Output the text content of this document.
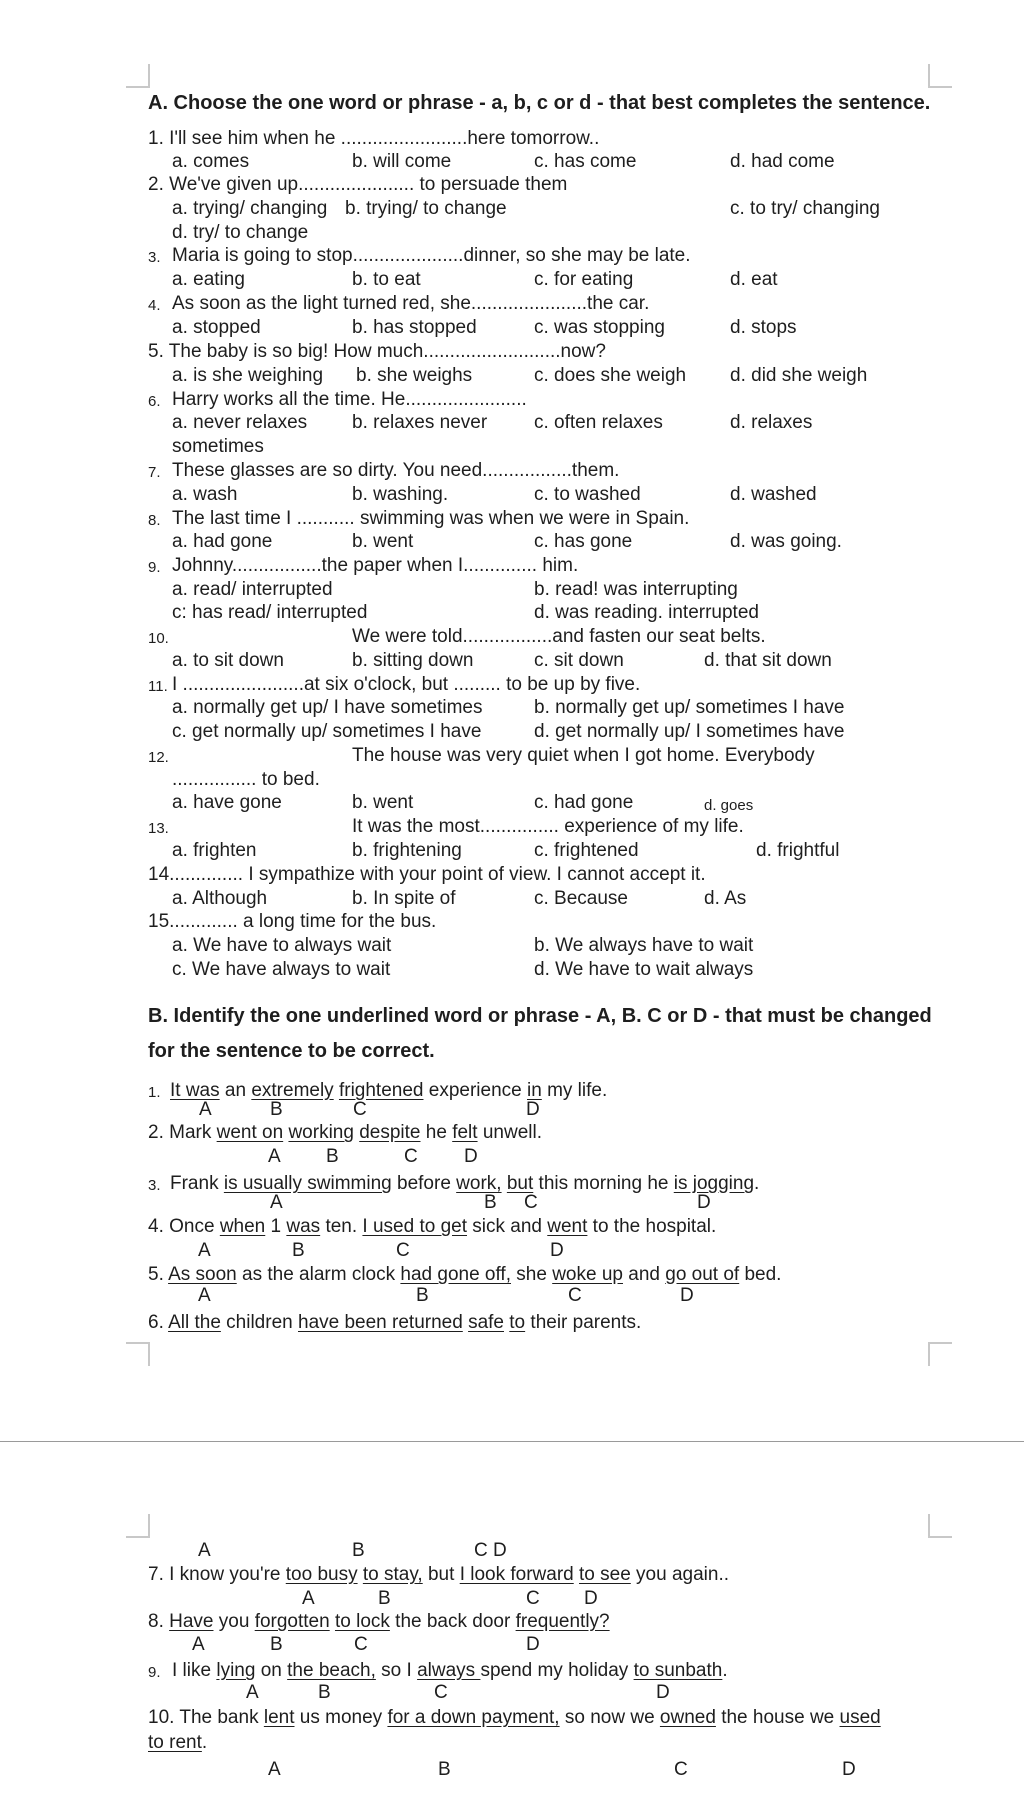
A. Choose the one word or phrase - a, b, c or d - that best completes the sentence.
1. I'll see him when he ........................here tomorrow..
a. comes	b. will come	c. has come	d. had come
2. We've given up...................... to persuade them
a. trying/ changing b. trying/ to change	c. to try/ changing
d. try/ to change
3. Maria is going to stop.....................dinner, so she may be late.
a. eating	b. to eat	c. for eating	d. eat
4. As soon as the light turned red, she......................the car.
a. stopped	b. has stopped	c. was stopping	d. stops
5. The baby is so big! How much..........................now?
a. is she weighing b. she weighs	c. does she weigh d. did she weigh
6. Harry works all the time. He.......................
a. never relaxes b. relaxes never c. often relaxes	d. relaxes
sometimes
7. These glasses are so dirty. You need.................them.
a. wash	b. washing.	c. to washed	d. washed
8. The last time I ........... swimming was when we were in Spain.
a. had gone	b. went	c. has gone	d. was going.
9. Johnny.................the paper when I.............. him.
a. read/ interrupted	b. read! was interrupting
c: has read/ interrupted	d. was reading. interrupted
10.	We were told.................and fasten our seat belts.
a. to sit down	b. sitting down	c. sit down	d. that sit down
11. I .......................at six o'clock, but ......... to be up by five.
a. normally get up/ I have sometimes	b. normally get up/ sometimes I have
c. get normally up/ sometimes I have	d. get normally up/ I sometimes have
12.	The house was very quiet when I got home. Everybody
................ to bed.
a. have gone	b. went	c. had gone	d. goes
13.	It was the most............... experience of my life.
a. frighten	b. frightening	c. frightened	d. frightful
14.............. I sympathize with your point of view. I cannot accept it.
a. Although	b. In spite of	c. Because	d. As
15............. a long time for the bus.
a. We have to always wait	b. We always have to wait
c. We have always to wait	d. We have to wait always
B. Identify the one underlined word or phrase - A, B. C or D - that must be changed
for the sentence to be correct.
1. It was an extremely frightened experience in my life.
A	B	C	D
2. Mark went on working despite he felt unwell.
A B	C D
3. Frank is usually swimming before work, but this morning he is jogging.
A	B C	D
4. Once when 1 was ten. I used to get sick and went to the hospital.
A	B	C	D
5. As soon as the alarm clock had gone off, she woke up and go out of bed.
A	B	C	D
6. All the children have been returned safe to their parents.
A	B	C D
7. I know you're too busy to stay, but I look forward to see you again..
A	B	C D
8. Have you forgotten to lock the back door frequently?
A	B	C	D
9. I like lying on the beach, so I always spend my holiday to sunbath.
A	B	C	D
10. The bank lent us money for a down payment, so now we owned the house we used
to rent.
A	B	C	D
